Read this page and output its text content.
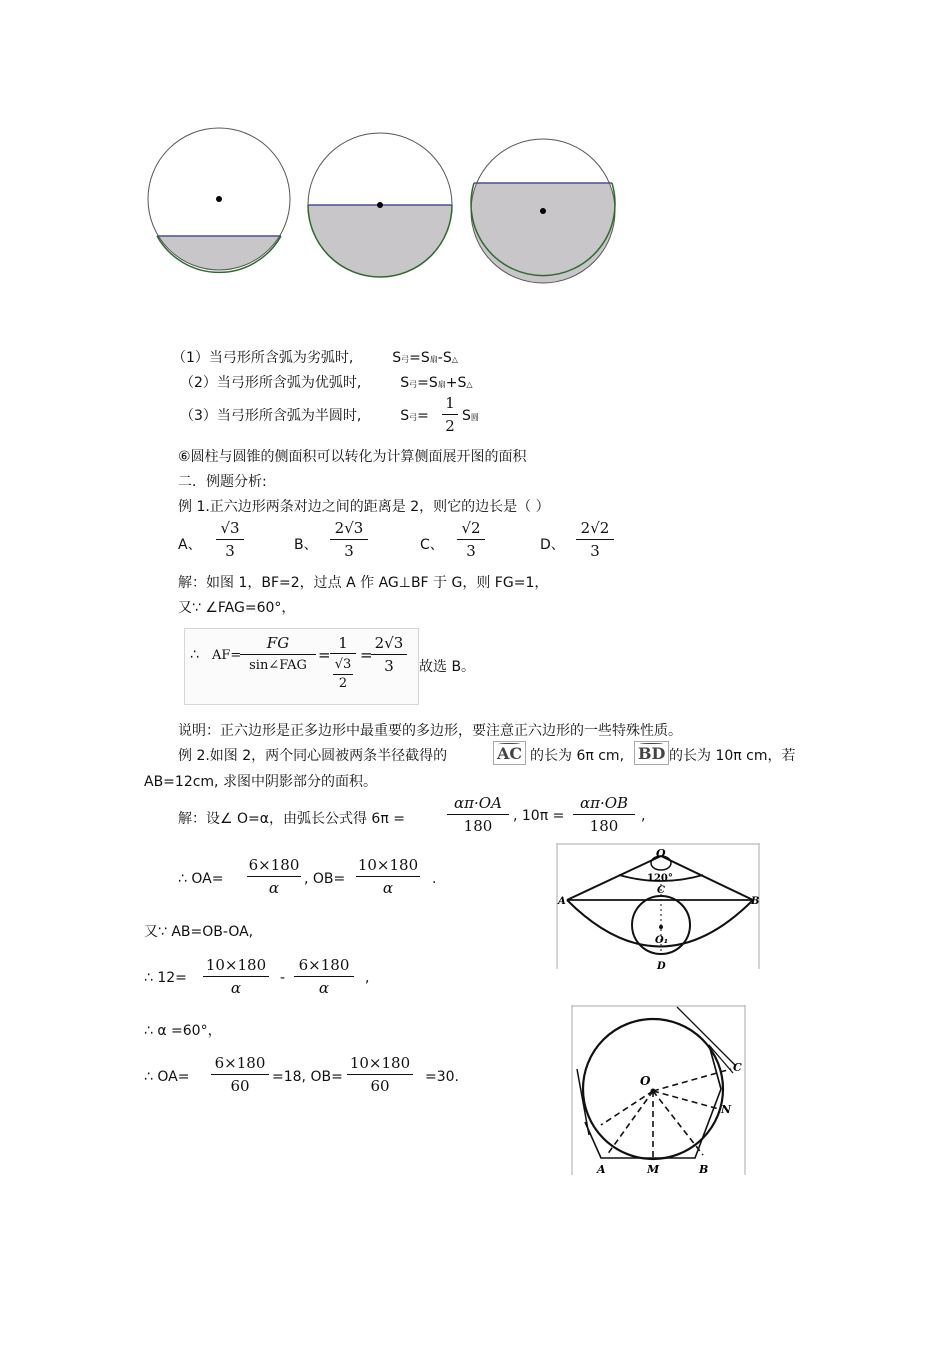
（1）当弓形所含弧为劣弧时,	S弓=S扇-S△
（2）当弓形所含弧为优弧时,	S弓=S扇+S△
（3）当弓形所含弧为半圆时,	S弓=
1
2
S圆
⑥圆柱与圆锥的侧面积可以转化为计算侧面展开图的面积
二．例题分析:
例 1.正六边形两条对边之间的距离是 2，则它的边长是（ ）
A、
√3
3	B、
2√3
3	C、
√2
3	D、
2√2
3
解：如图 1，BF=2，过点 A 作 AG⊥BF 于 G，则 FG=1，
又∵ ∠FAG=60°，
∴ AF=
FG
sin∠FAG
=
1
√3
2
=
2√3
3	故选 B。
说明：正六边形是正多边形中最重要的多边形，要注意正六边形的一些特殊性质。
例 2.如图 2，两个同心圆被两条半径截得的	AC 的长为 6π cm, BD 的长为 10π cm，若
AB=12cm, 求图中阴影部分的面积。
解：设∠ O=α，由弧长公式得 6π =
απ·OA
180
, 10π =
απ·OB
180
,
∴ OA=
6×180
α	, OB=
10×180
α	.
又∵ AB=OB-OA,
∴ 12=
10×180
α
-
6×180
α
,
∴ α =60°，
∴ OA=
6×180
60	=18, OB=
10×180
60	=30.
O
120°
C
A	B
O₁
D
O
C
N
A	M	B
